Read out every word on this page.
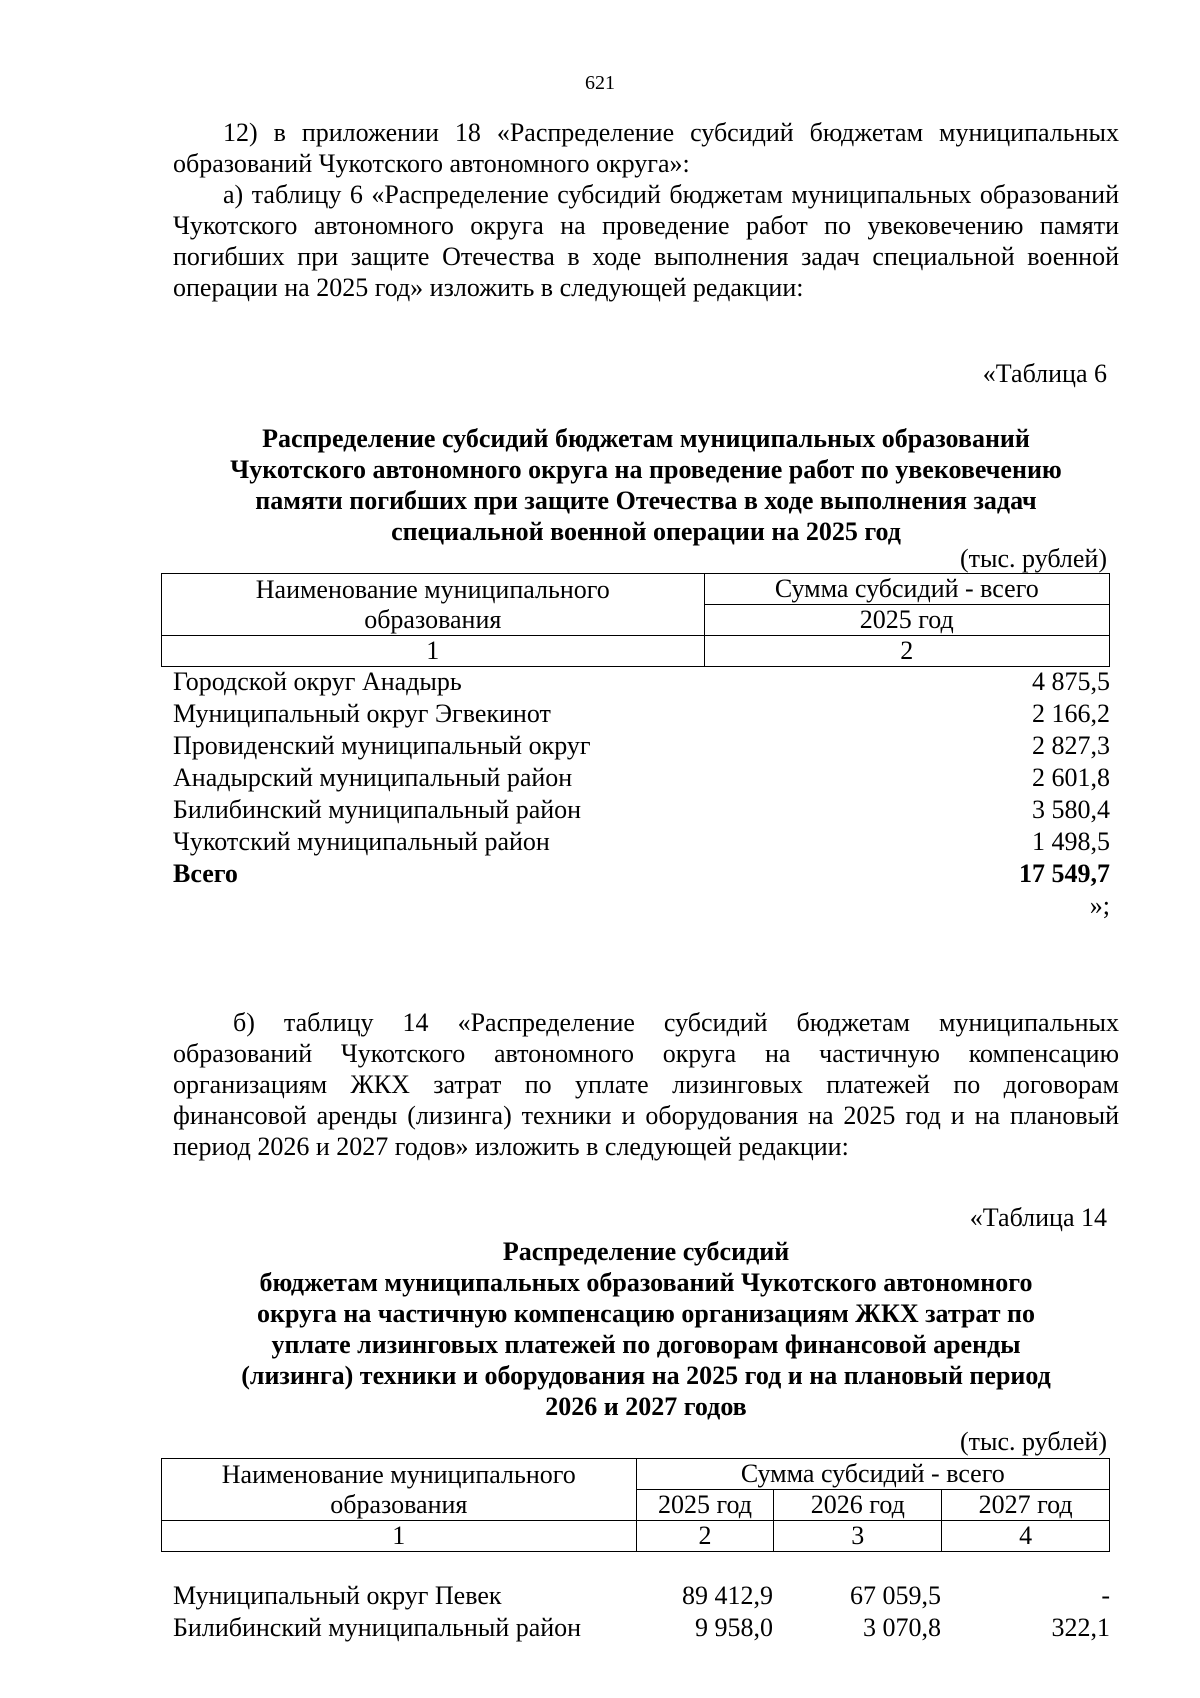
621
12) в приложении 18 «Распределение субсидий бюджетам муниципальных образований Чукотского автономного округа»:
а) таблицу 6 «Распределение субсидий бюджетам муниципальных образований Чукотского автономного округа на проведение работ по увековечению памяти погибших при защите Отечества в ходе выполнения задач специальной военной операции на 2025 год» изложить в следующей редакции:
«Таблица 6
Распределение субсидий бюджетам муниципальных образований Чукотского автономного округа на проведение работ по увековечению памяти погибших при защите Отечества в ходе выполнения задач специальной военной операции на 2025 год
(тыс. рублей)
Наименование муниципального образования	Сумма субсидий - всего
	2025 год
1	2
Городской округ Анадырь	4 875,5
Муниципальный округ Эгвекинот	2 166,2
Провиденский муниципальный округ	2 827,3
Анадырский муниципальный район	2 601,8
Билибинский муниципальный район	3 580,4
Чукотский муниципальный район	1 498,5
Всего	17 549,7
	»;
б) таблицу 14 «Распределение субсидий бюджетам муниципальных образований Чукотского автономного округа на частичную компенсацию организациям ЖКХ затрат по уплате лизинговых платежей по договорам финансовой аренды (лизинга) техники и оборудования на 2025 год и на плановый период 2026 и 2027 годов» изложить в следующей редакции:
«Таблица 14
Распределение субсидий
бюджетам муниципальных образований Чукотского автономного
округа на частичную компенсацию организациям ЖКХ затрат по
уплате лизинговых платежей по договорам финансовой аренды
(лизинга) техники и оборудования на 2025 год и на плановый период
2026 и 2027 годов
(тыс. рублей)
Наименование муниципального образования	Сумма субсидий - всего		
	2025 год	2026 год	2027 год
1	2	3	4
Муниципальный округ Певек	89 412,9	67 059,5	-
Билибинский муниципальный район	9 958,0	3 070,8	322,1
